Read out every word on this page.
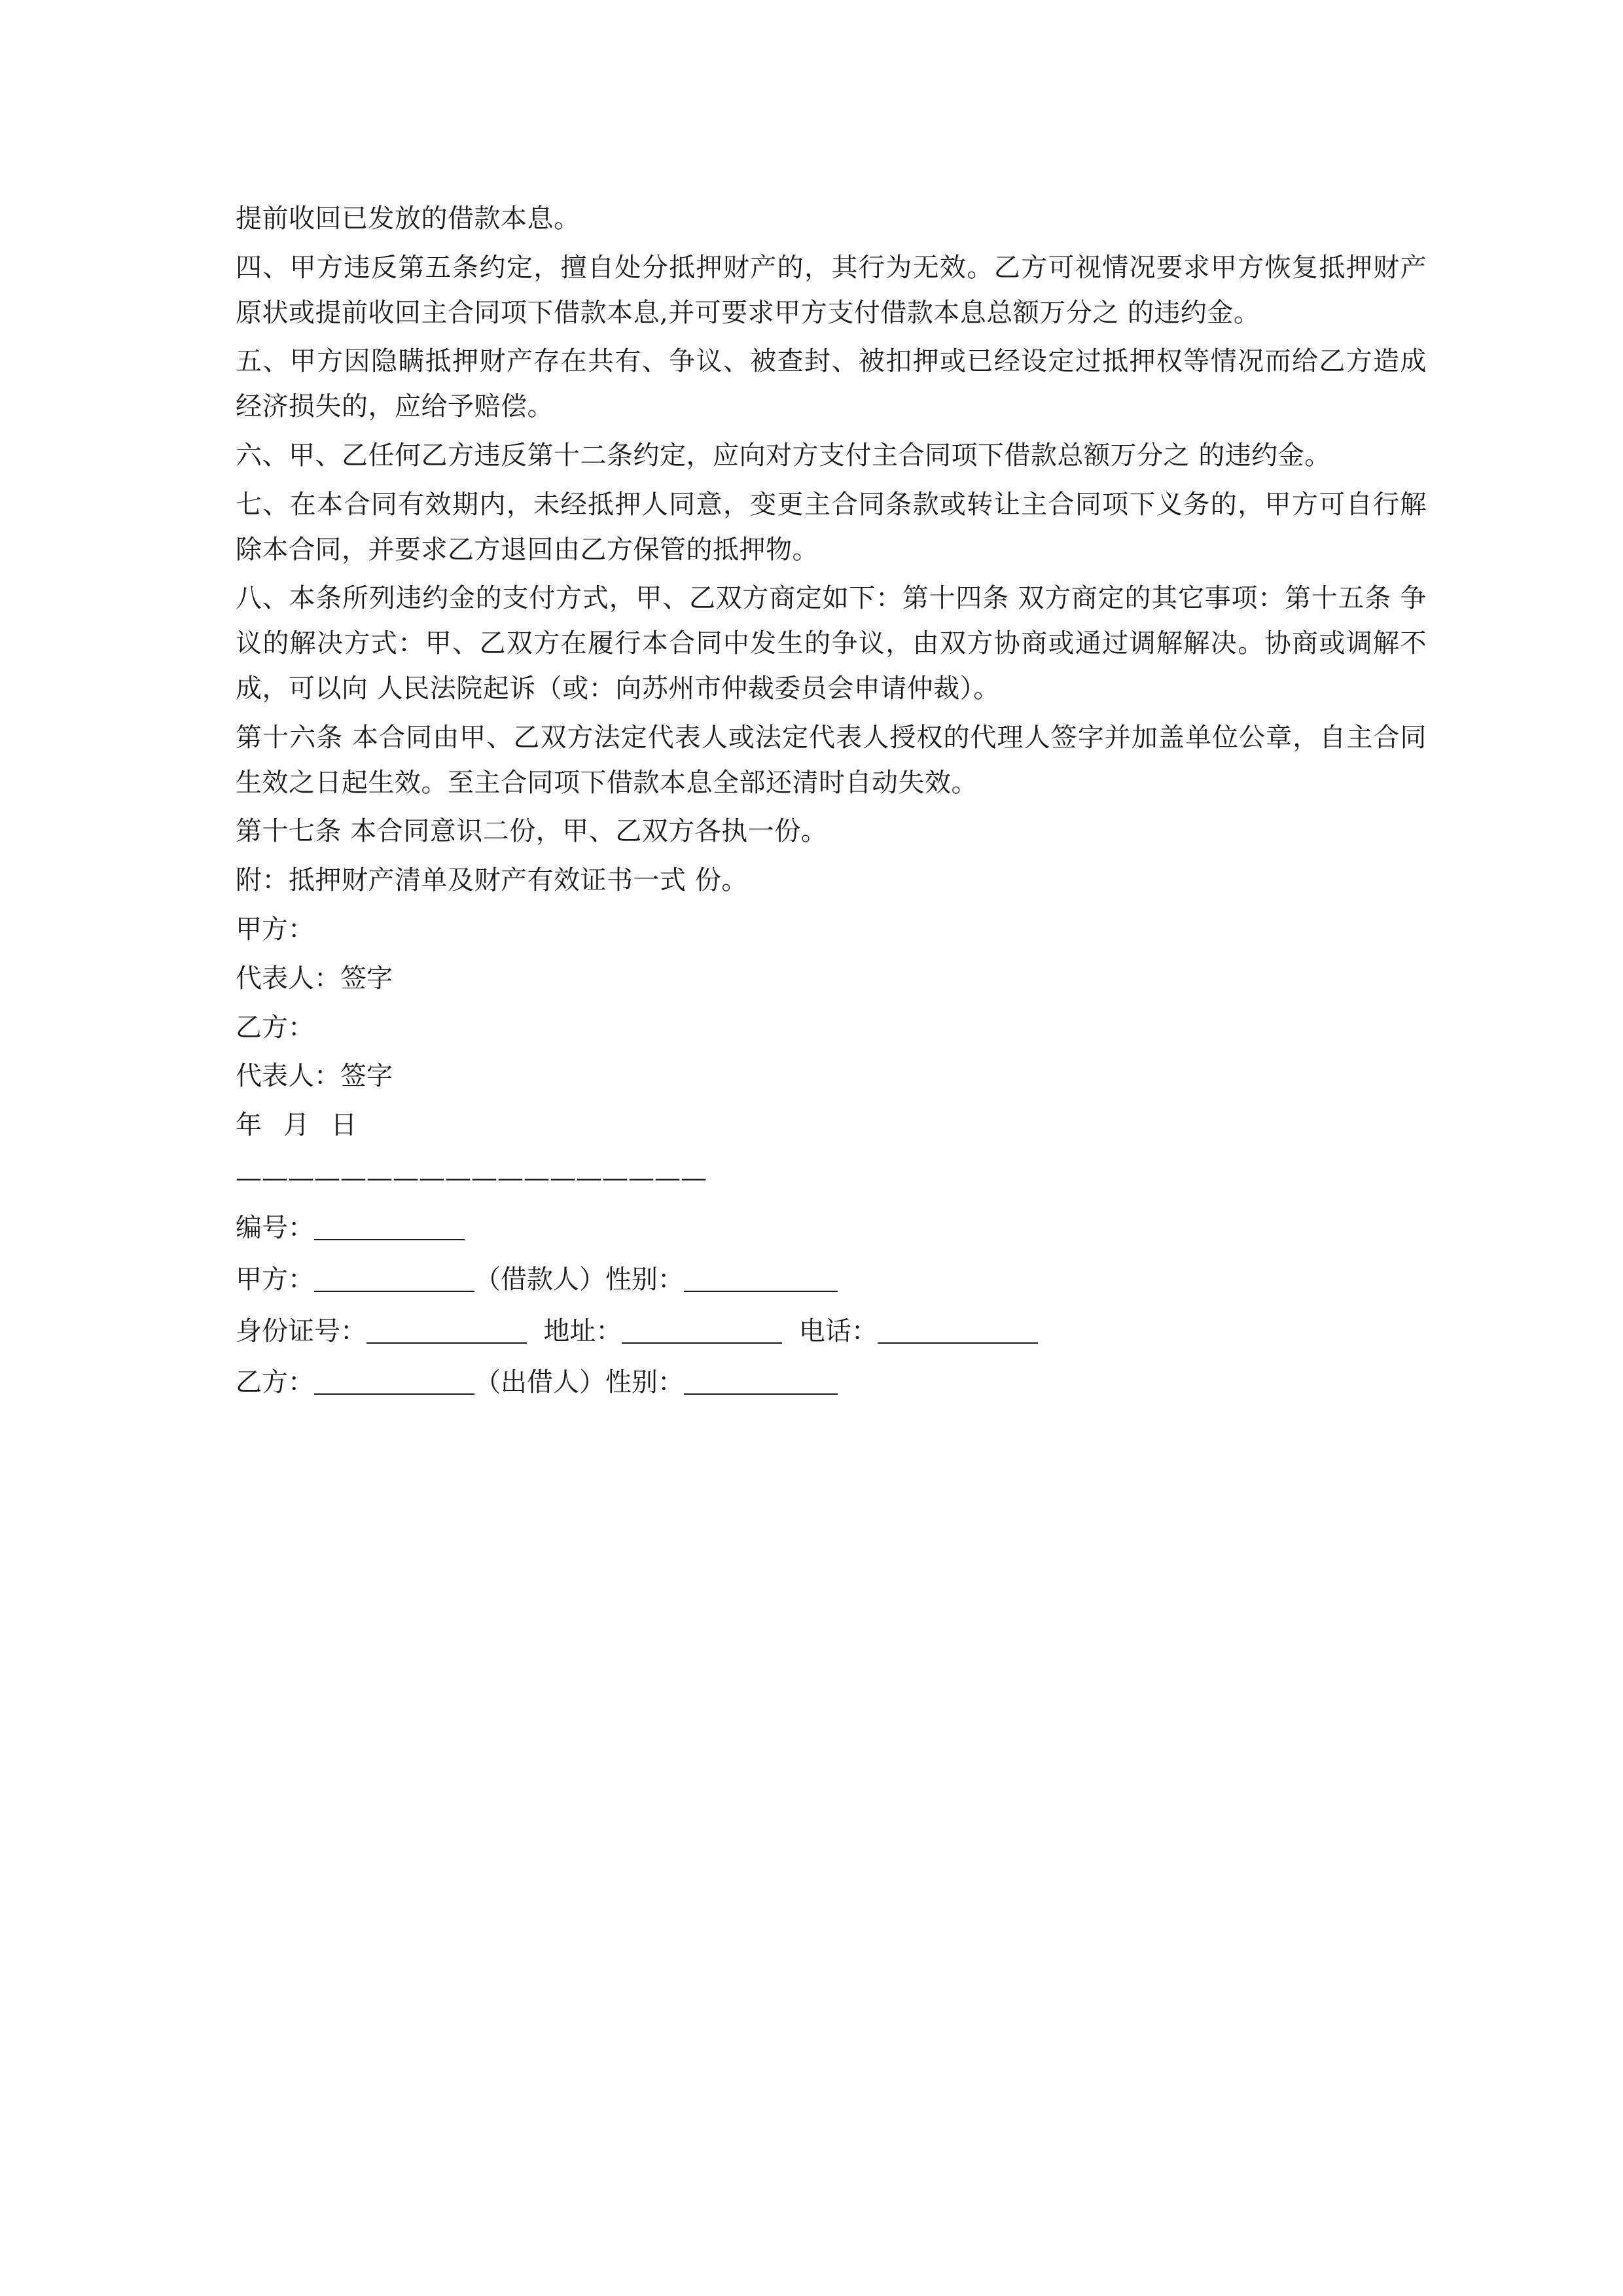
提前收回已发放的借款本息。

四、甲方违反第五条约定，擅自处分抵押财产的，其行为无效。乙方可视情况要求甲方恢复抵押财产原状或提前收回主合同项下借款本息,并可要求甲方支付借款本息总额万分之 的违约金。

五、甲方因隐瞒抵押财产存在共有、争议、被查封、被扣押或已经设定过抵押权等情况而给乙方造成经济损失的，应给予赔偿。

六、甲、乙任何乙方违反第十二条约定，应向对方支付主合同项下借款总额万分之 的违约金。

七、在本合同有效期内，未经抵押人同意，变更主合同条款或转让主合同项下义务的，甲方可自行解除本合同，并要求乙方退回由乙方保管的抵押物。

八、本条所列违约金的支付方式，甲、乙双方商定如下：第十四条 双方商定的其它事项：第十五条 争议的解决方式：甲、乙双方在履行本合同中发生的争议，由双方协商或通过调解解决。协商或调解不成，可以向 人民法院起诉（或：向苏州市仲裁委员会申请仲裁）。

第十六条 本合同由甲、乙双方法定代表人或法定代表人授权的代理人签字并加盖单位公章，自主合同生效之日起生效。至主合同项下借款本息全部还清时自动失效。

第十七条 本合同意识二份，甲、乙双方各执一份。

附：抵押财产清单及财产有效证书一式 份。

甲方：

代表人：签字

乙方：

代表人：签字

年 月 日

——————————————————

编号：

甲方：	（借款人）性别：

身份证号：	地址：	电话：

乙方：	（出借人）性别：
